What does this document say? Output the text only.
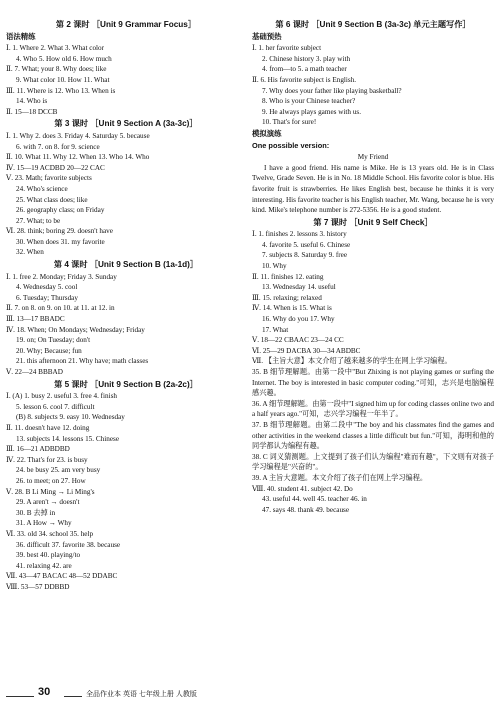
第 2 课时 ［Unit 9 Grammar Focus］
语法精练
Ⅰ. 1. Where 2. What 3. What color
4. Who 5. How old 6. How much
Ⅱ. 7. What; your 8. Why does; like
9. What color 10. How 11. What
Ⅲ. 11. Where is 12. Who 13. When is
14. Who is
Ⅱ. 15—18 DCCB
第 3 课时 ［Unit 9 Section A (3a-3c)］
Ⅰ. 1. Why 2. does 3. Friday 4. Saturday 5. because
6. with 7. on 8. for 9. science
Ⅱ. 10. What 11. Why 12. When 13. Who 14. Who
Ⅳ. 15—19 ACDBD 20—22 CAC
Ⅴ. 23. Math; favorite subjects
24. Who's science
25. What class does; like
26. geography class; on Friday
27. What; to be
Ⅵ. 28. think; boring 29. doesn't have
30. When does 31. my favorite
32. When
第 4 课时 ［Unit 9 Section B (1a-1d)］
Ⅰ. 1. free 2. Monday; Friday 3. Sunday
4. Wednesday 5. cool
6. Tuesday; Thursday
Ⅱ. 7. on 8. on 9. on 10. at 11. at 12. in
Ⅲ. 13—17 BBADC
Ⅳ. 18. When; On Mondays; Wednesday; Friday
19. on; On Tuesday; don't
20. Why; Because; fun
21. this afternoon 21. Why have; math classes
Ⅴ. 22—24 BBBAD
第 5 课时 ［Unit 9 Section B (2a-2c)］
Ⅰ. (A) 1. busy 2. useful 3. free 4. finish
5. lesson 6. cool 7. difficult
(B) 8. subjects 9. easy 10. Wednesday
Ⅱ. 11. doesn't have 12. doing
13. subjects 14. lessons 15. Chinese
Ⅲ. 16—21 ADBDBD
Ⅳ. 22. That's for 23. is busy
24. be busy 25. am very busy
26. to meet; on 27. How
Ⅴ. 28. B Li Ming → Li Ming's
29. A aren't → doesn't
30. B 去掉 in
31. A How → Why
Ⅵ. 33. old 34. school 35. help
36. difficult 37. favorite 38. because
39. best 40. playing/to
41. relaxing 42. are
Ⅶ. 43—47 BACAC 48—52 DDABC
Ⅷ. 53—57 DDBBD
第 6 课时 ［Unit 9 Section B (3a-3c) 单元主题写作］
基础预热
Ⅰ. 1. her favorite subject
2. Chinese history 3. play with
4. from—to 5. a math teacher
Ⅱ. 6. His favorite subject is English.
7. Why does your father like playing basketball?
8. Who is your Chinese teacher?
9. He always plays games with us.
10. That's for sure!
模拟演练
One possible version:
My Friend
I have a good friend. His name is Mike. He is 13 years old. He is in Class Twelve, Grade Seven. He is in No. 18 Middle School. His favorite color is blue. His favorite fruit is strawberries. He likes English best, because he thinks it is very interesting. His favorite teacher is his English teacher, Mr. Wang, because he is very kind. Mike's telephone number is 272-5356. He is a good student.
第 7 课时 ［Unit 9 Self Check］
Ⅰ. 1. finishes 2. lessons 3. history
4. favorite 5. useful 6. Chinese
7. subjects 8. Saturday 9. free
10. Why
Ⅱ. 11. finishes 12. eating
13. Wednesday 14. useful
Ⅲ. 15. relaxing; relaxed
Ⅳ. 14. When is 15. What is
16. Why do you 17. Why
17. What
Ⅴ. 18—22 CBAAC 23—24 CC
Ⅵ. 25—29 DACBA 30—34 ABDBC
Ⅶ. 【主旨大意】本文介绍了越来越多的学生在网上学习编程。
35. B 细节理解题。由第一段中"But Zhixing is not playing games or surfing the Internet. The boy is interested in basic computer coding."可知，志兴是电脑编程感兴趣。
36. A 细节理解题。由第一段中"I signed him up for coding classes online two and a half years ago."可知，志兴学习编程一年半了。
37. B 细节理解题。由第二段中"The boy and his classmates find the games and other activities in the weekend classes a little difficult but fun."可知，海明和他的同学都认为编程有趣。
38. C 词义猜测题。上文提到了孩子们认为编程"难而有趣"，下文则有对孩子学习编程是"兴奋的"。
39. A 主旨大意题。本文介绍了孩子们在网上学习编程。
Ⅷ. 40. student 41. subject 42. Do
43. useful 44. well 45. teacher 46. in
47. says 48. thank 49. because
30	全品作业本 英语 七年级上册 人教版
